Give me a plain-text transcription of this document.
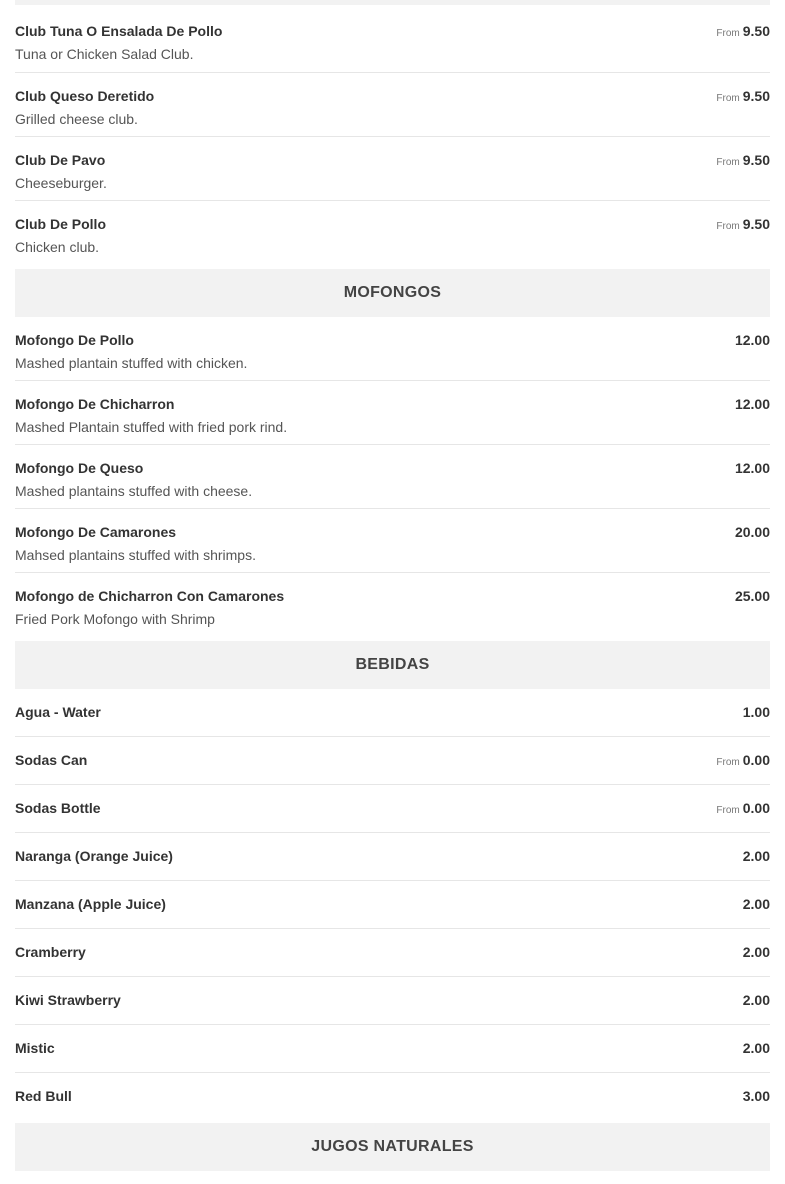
Club Tuna O Ensalada De Pollo
Tuna or Chicken Salad Club.
From 9.50
Club Queso Deretido
Grilled cheese club.
From 9.50
Club De Pavo
Cheeseburger.
From 9.50
Club De Pollo
Chicken club.
From 9.50
MOFONGOS
Mofongo De Pollo
Mashed plantain stuffed with chicken.
12.00
Mofongo De Chicharron
Mashed Plantain stuffed with fried pork rind.
12.00
Mofongo De Queso
Mashed plantains stuffed with cheese.
12.00
Mofongo De Camarones
Mahsed plantains stuffed with shrimps.
20.00
Mofongo de Chicharron Con Camarones
Fried Pork Mofongo with Shrimp
25.00
BEBIDAS
Agua - Water	1.00
Sodas Can	From 0.00
Sodas Bottle	From 0.00
Naranga (Orange Juice)	2.00
Manzana (Apple Juice)	2.00
Cramberry	2.00
Kiwi Strawberry	2.00
Mistic	2.00
Red Bull	3.00
JUGOS NATURALES
